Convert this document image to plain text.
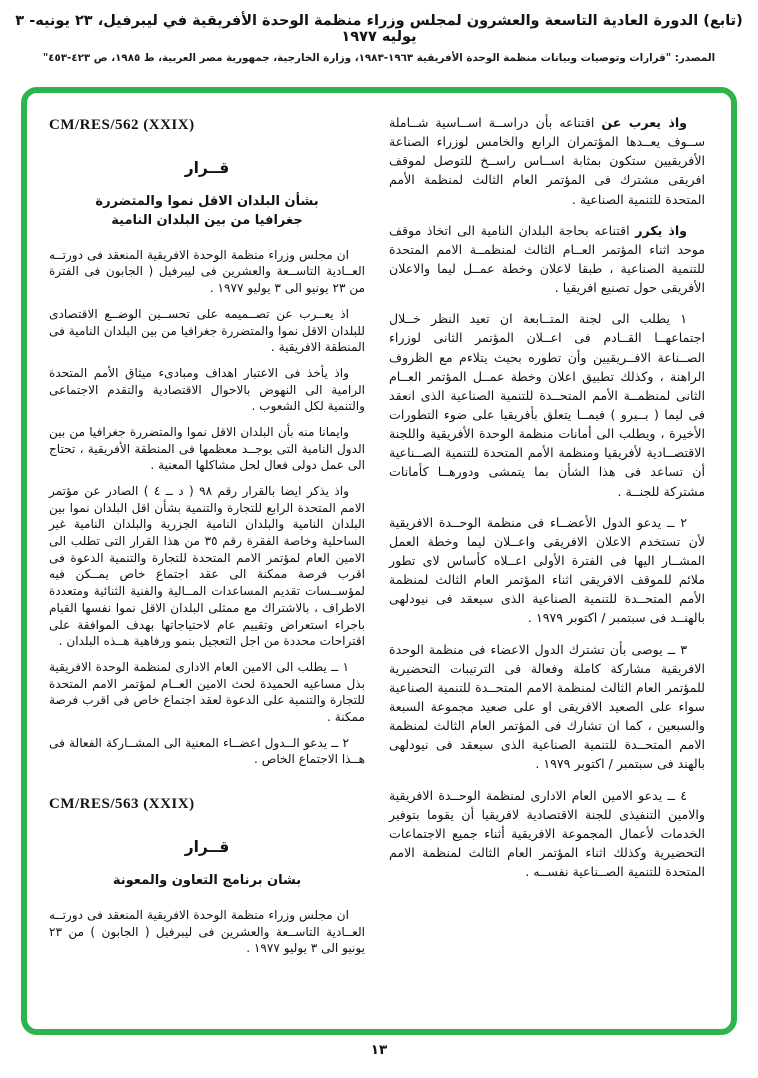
(تابع) الدورة العادية التاسعة والعشرون لمجلس وزراء منظمة الوحدة الأفريقية في ليبرفيل، ٢٣ يونيه- ٣ يوليه ١٩٧٧
المصدر: "قرارات وتوصيات وبيانات منظمة الوحدة الأفريقية ١٩٦٣-١٩٨٣، وزارة الخارجية، جمهورية مصر العربية، ط ١٩٨٥، ص ٤٢٣-٤٥٣"

واذ يعرب عن اقتناعه بأن دراســة اســاسية شــاملة ســوف يعــدها المؤتمران الرابع والخامس لوزراء الصناعة الأفريقيين ستكون بمثابة اســاس راســخ للتوصل لموقف افريقى مشترك فى المؤتمر العام الثالث لمنظمة الأمم المتحدة للتنمية الصناعية .

واذ يكرر اقتناعه بحاجة البلدان النامية الى اتخاذ موقف موحد اثناء المؤتمر العــام الثالث لمنظمــة الامم المتحدة للتنمية الصناعية ، طبقا لاعلان وخطة عمــل ليما والاعلان الأفريقى حول تصنيع افريقيا .

١ يطلب الى لجنة المتــابعة ان تعيد النظر خــلال اجتماعهــا القــادم فى اعــلان المؤتمر الثانى لوزراء الصــناعة الافــريقيين وأن تطوره بحيث يتلاءم مع الظروف الراهنة ، وكذلك تطبيق اعلان وخطة عمــل المؤتمر العــام الثانى لمنظمــة الأمم المتحــدة للتنمية الصناعية الذى انعقد فى ليما ( بــيرو ) فيمــا يتعلق بأفريقيا على ضوء التطورات الأخيرة ، ويطلب الى أمانات منظمة الوحدة الأفريقية واللجنة الاقتصــادية لأفريقيا ومنظمة الأمم المتحدة للتنمية الصــناعية أن تساعد فى هذا الشأن بما يتمشى ودورهــا كأمانات مشتركة للجنــة .

٢ ــ يدعو الدول الأعضــاء فى منظمة الوحــدة الافريقية لأن تستخدم الاعلان الافريقى واعــلان ليما وخطة العمل المشــار اليها فى الفترة الأولى اعــلاه كأساس لاى تطور ملائم للموقف الافريقى اثناء المؤتمر العام الثالث لمنظمة الأمم المتحــدة للتنمية الصناعية الذى سيعقد فى نيودلهى بالهنــد فى سبتمبر / اكتوبر ١٩٧٩ .

٣ ــ يوصى بأن تشترك الدول الاعضاء فى منظمة الوحدة الافريقية مشاركة كاملة وفعالة فى الترتيبات التحضيرية للمؤتمر العام الثالث لمنظمة الامم المتحــدة للتنمية الصناعية سواء على الصعيد الافريقى او على صعيد مجموعة السبعة والسبعين ، كما ان تشارك فى المؤتمر العام الثالث لمنظمة الامم المتحــدة للتنمية الصناعية الذى سيعقد فى نيودلهى بالهند فى سبتمبر / اكتوبر ١٩٧٩ .

٤ ــ يدعو الامين العام الادارى لمنظمة الوحــدة الافريقية والامين التنفيذى للجنة الاقتصادية لافريقيا أن يقوما بتوفير الخدمات لأعمال المجموعة الافريقية أثناء جميع الاجتماعات التحضيرية وكذلك اثناء المؤتمر العام الثالث لمنظمة الامم المتحدة للتنمية الصــناعية نفســه .

CM/RES/562 (XXIX)
قــرار
بشأن البلدان الاقل نموا والمتضررة جغرافيا من بين البلدان النامية

ان مجلس وزراء منظمة الوحدة الافريقية المنعقد فى دورتــه العــادية التاســعة والعشرين فى ليبرفيل ( الجابون فى الفترة من ٢٣ يونيو الى ٣ يوليو ١٩٧٧ .

اذ يعــرب عن تصــميمه على تحســين الوضــع الاقتصادى للبلدان الاقل نموا والمتضررة جغرافيا من بين البلدان النامية فى المنطقة الافريقية .

واذ يأخذ فى الاعتبار اهداف ومبادىء ميثاق الأمم المتحدة الرامية الى النهوض بالاحوال الاقتصادية والتقدم الاجتماعى والتنمية لكل الشعوب .

وايمانا منه بأن البلدان الاقل نموا والمتضررة جغرافيا من بين الدول النامية التى يوجــد معظمها فى المنطقة الأفريقية ، تحتاج الى عمل دولى فعال لحل مشاكلها المعنية .

واذ يذكر ايضا بالقرار رقم ٩٨ ( د ــ ٤ ) الصادر عن مؤتمر الامم المتحدة الرابع للتجارة والتنمية بشأن اقل البلدان نموا بين البلدان النامية والبلدان النامية الجزرية والبلدان النامية غير الساحلية وخاصة الفقرة رقم ٣٥ من هذا القرار التى تطلب الى الامين العام لمؤتمر الامم المتحدة للتجارة والتنمية الدعوة فى اقرب فرصة ممكنة الى عقد اجتماع خاص يمــكن فيه لمؤســسات تقديم المساعدات المــالية والفنية الثنائية ومتعددة الاطراف ، بالاشتراك مع ممثلى البلدان الاقل نموا نفسها القيام باجراء استعراض وتقييم عام لاحتياجاتها بهدف الموافقة على اقتراحات محددة من اجل التعجيل بنمو ورفاهية هــذه البلدان .

١ ــ يطلب الى الامين العام الادارى لمنظمة الوحدة الافريقية بذل مساعيه الحميدة لحث الامين العــام لمؤتمر الامم المتحدة للتجارة والتنمية على الدعوة لعقد اجتماع خاص فى اقرب فرصة ممكنة .

٢ ــ يدعو الــدول اعضــاء المعنية الى المشــاركة الفعالة فى هــذا الاجتماع الخاص .

CM/RES/563 (XXIX)
قــرار
بشان برنامج التعاون والمعونة

ان مجلس وزراء منظمة الوحدة الافريقية المنعقد فى دورتــه العــادية التاســعة والعشرين فى ليبرفيل ( الجابون ) من ٢٣ يونيو الى ٣ يوليو ١٩٧٧ .

١٣
